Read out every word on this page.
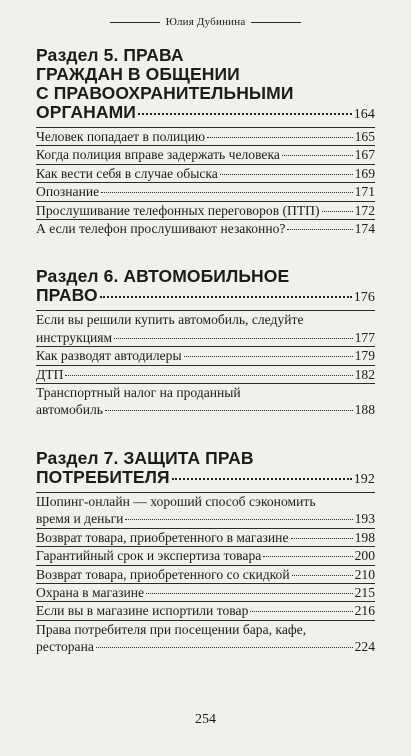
Юлия Дубинина
Раздел 5. ПРАВА
ГРАЖДАН В ОБЩЕНИИ
С ПРАВООХРАНИТЕЛЬНЫМИ
ОРГАНАМИ	164
Человек попадает в полицию	165
Когда полиция вправе задержать человека	167
Как вести себя в случае обыска	169
Опознание	171
Прослушивание телефонных переговоров (ПТП)	172
А если телефон прослушивают незаконно?	174
Раздел 6. АВТОМОБИЛЬНОЕ
ПРАВО	176
Если вы решили купить автомобиль, следуйте
инструкциям	177
Как разводят автодилеры	179
ДТП	182
Транспортный налог на проданный
автомобиль	188
Раздел 7. ЗАЩИТА ПРАВ
ПОТРЕБИТЕЛЯ	192
Шопинг-онлайн — хороший способ сэкономить
время и деньги	193
Возврат товара, приобретенного в магазине	198
Гарантийный срок и экспертиза товара	200
Возврат товара, приобретенного со скидкой	210
Охрана в магазине	215
Если вы в магазине испортили товар	216
Права потребителя при посещении бара, кафе,
ресторана	224
254
